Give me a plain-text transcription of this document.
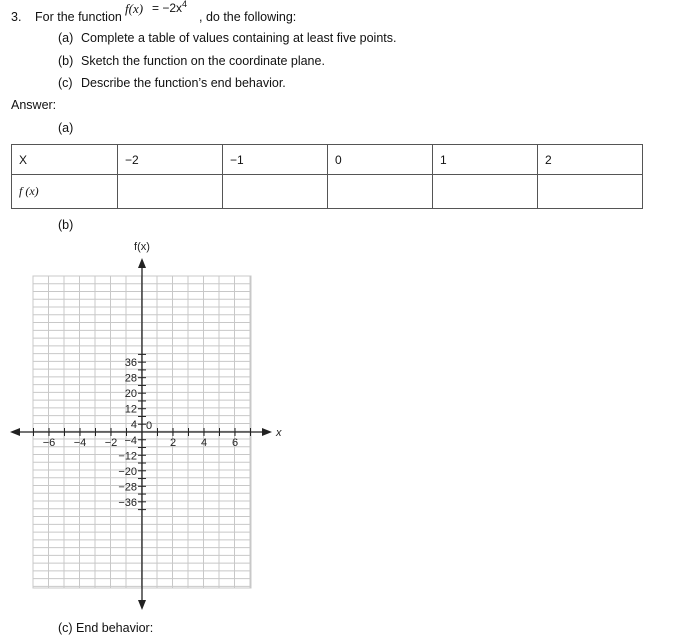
3. For the function
$f(x) = -2x^4$
, do the following:
(a) Complete a table of values containing at least five points.
(b) Sketch the function on the coordinate plane.
(c) Describe the function’s end behavior.
Answer:
(a)
X	−2	−1	0	1	2
f (x)					
(b)
−6 −4 −2	2 4 6
36
28
20
12
4
−4
−12
−20
−28
−36
0
f(x)
x
(c) End behavior:
